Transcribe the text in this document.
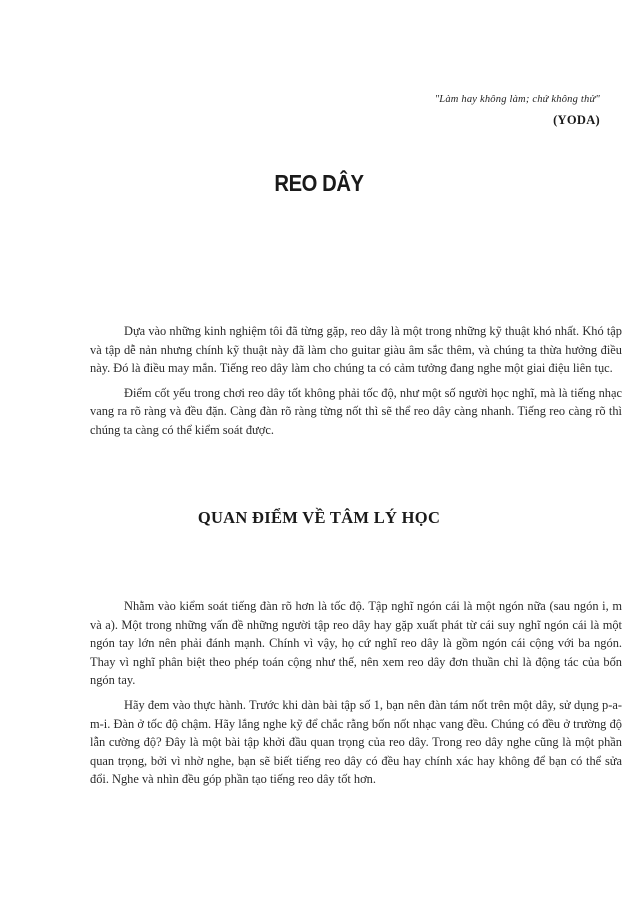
"Làm hay không làm; chứ không thử"
(YODA)
REO DÂY

Dựa vào những kinh nghiệm tôi đã từng gặp, reo dây là một trong những kỹ thuật khó nhất. Khó tập và tập dễ nản nhưng chính kỹ thuật này đã làm cho guitar giàu âm sắc thêm, và chúng ta thừa hưởng điều này. Đó là điều may mắn. Tiếng reo dây làm cho chúng ta có cảm tưởng đang nghe một giai điệu liên tục.

Điểm cốt yếu trong chơi reo dây tốt không phải tốc độ, như một số người học nghĩ, mà là tiếng nhạc vang ra rõ ràng và đều đặn. Càng đàn rõ ràng từng nốt thì sẽ thể reo dây càng nhanh. Tiếng reo càng rõ thì chúng ta càng có thể kiểm soát được.

QUAN ĐIỂM VỀ TÂM LÝ HỌC

Nhằm vào kiểm soát tiếng đàn rõ hơn là tốc độ. Tập nghĩ ngón cái là một ngón nữa (sau ngón i, m và a). Một trong những vấn đề những người tập reo dây hay gặp xuất phát từ cái suy nghĩ ngón cái là một ngón tay lớn nên phải đánh mạnh. Chính vì vậy, họ cứ nghĩ reo dây là gồm ngón cái cộng với ba ngón. Thay vì nghĩ phân biệt theo phép toán cộng như thế, nên xem reo dây đơn thuần chỉ là động tác của bốn ngón tay.

Hãy đem vào thực hành. Trước khi dàn bài tập số 1, bạn nên đàn tám nốt trên một dây, sử dụng p-a-m-i. Đàn ở tốc độ chậm. Hãy lắng nghe kỹ để chắc rằng bốn nốt nhạc vang đều. Chúng có đều ở trường độ lẫn cường độ? Đây là một bài tập khởi đầu quan trọng của reo dây. Trong reo dây nghe cũng là một phần quan trọng, bởi vì nhờ nghe, bạn sẽ biết tiếng reo dây có đều hay chính xác hay không để bạn có thể sửa đổi. Nghe và nhìn đều góp phần tạo tiếng reo dây tốt hơn.
